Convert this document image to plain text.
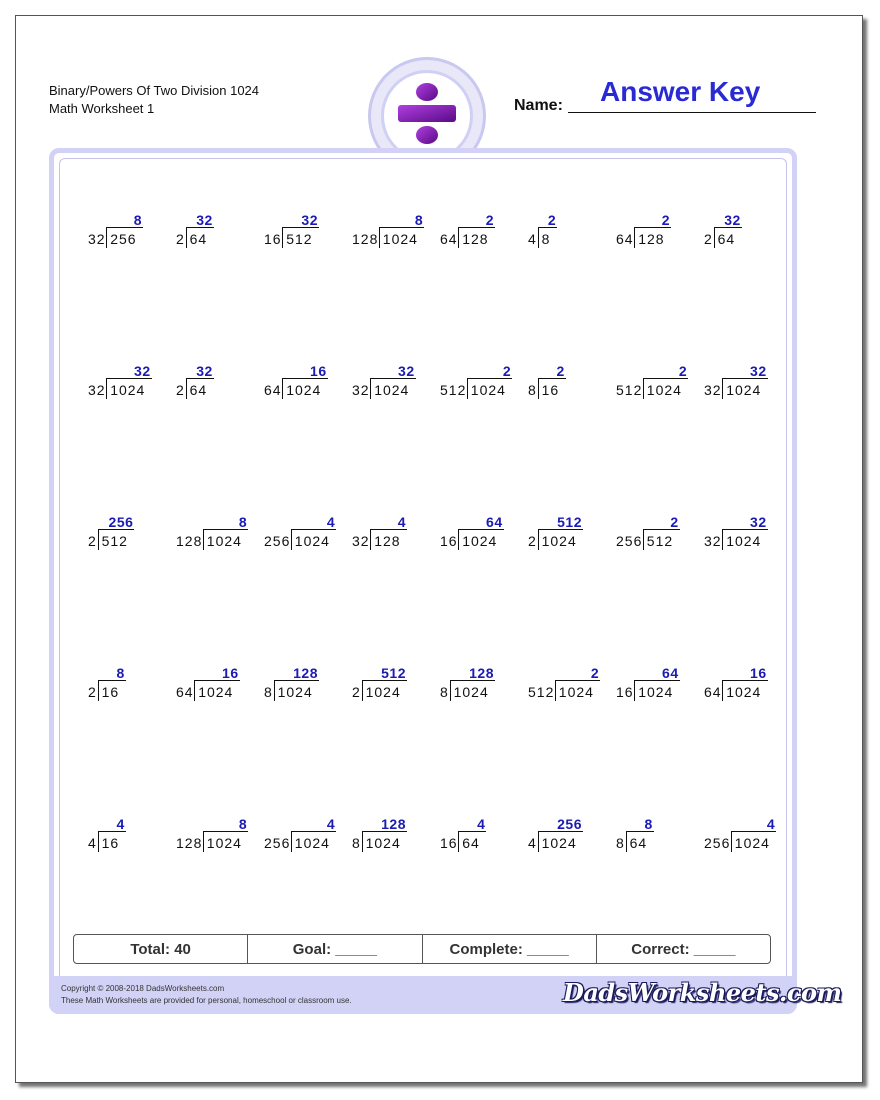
Binary/Powers Of Two Division 1024
Math Worksheet 1	Name: Answer Key
32 256
8
2 64
32
16 512
32
128 1024
8
64 128
2
4 8
2
64 128
2
2 64
32
32 1024
32
2 64
32
64 1024
16
32 1024
32
512 1024
2
8 16
2
512 1024
2
32 1024
32
2 512
256
128 1024
8
256 1024
4
32 128
4
16 1024
64
2 1024
512
256 512
2
32 1024
32
2 16
8
64 1024
16
8 1024
128
2 1024
512
8 1024
128
512 1024
2
16 1024
64
64 1024
16
4 16
4
128 1024
8
256 1024
4
8 1024
128
16 64
4
4 1024
256
8 64
8
256 1024
4
Total: 40	Goal: _____	Complete: _____	Correct: _____
Copyright © 2008-2018 DadsWorksheets.com
These Math Worksheets are provided for personal, homeschool or classroom use.	DadsWorksheets.com
